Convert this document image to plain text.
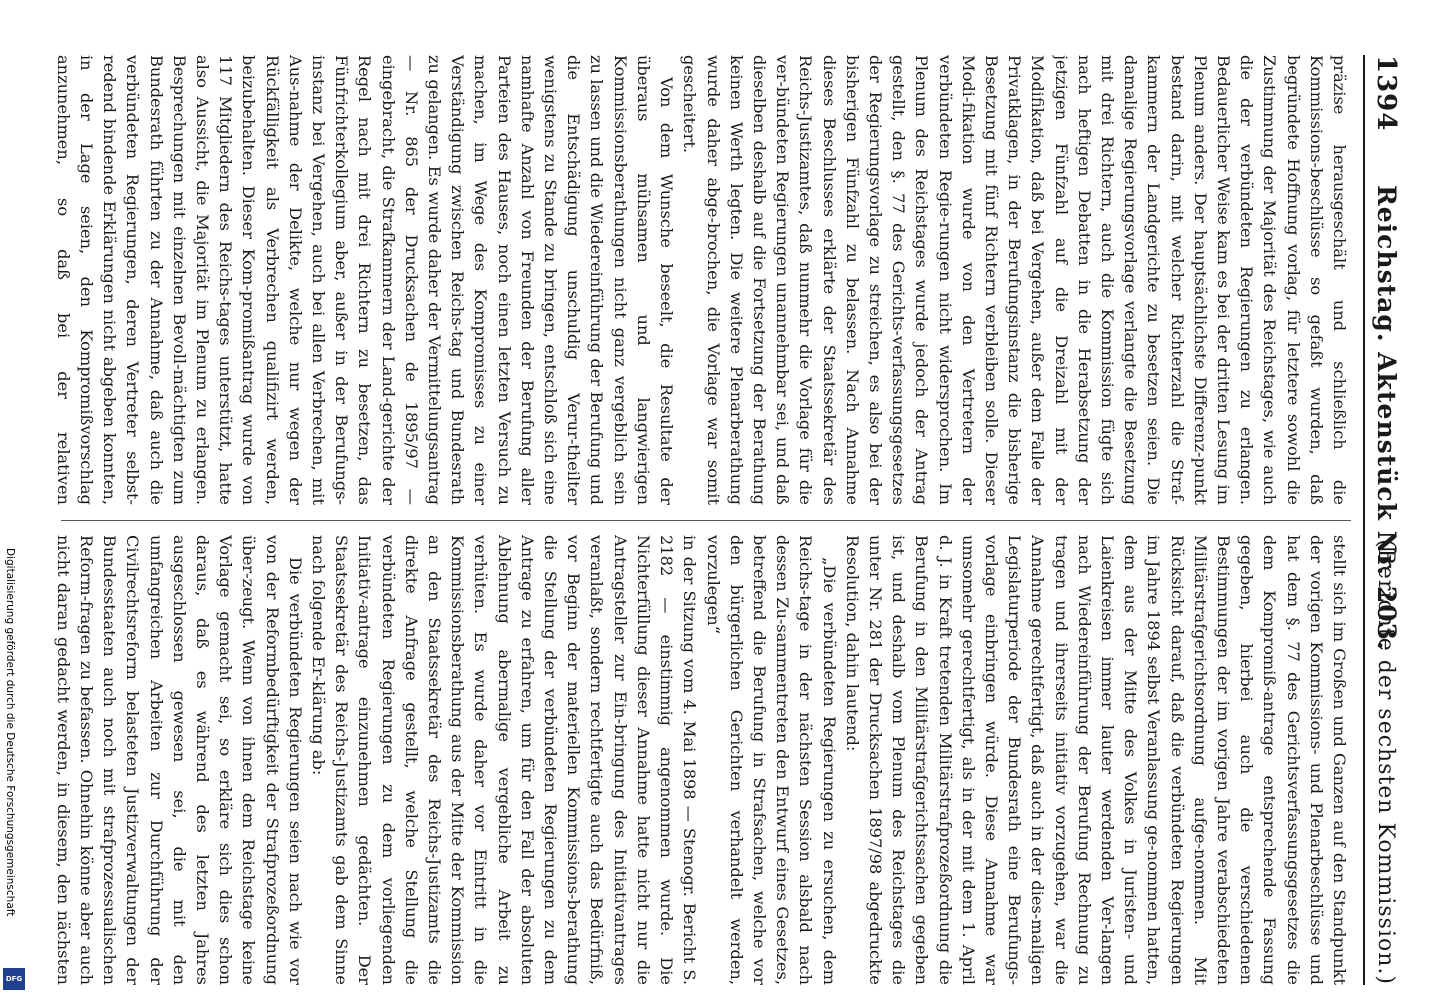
1394
Reichstag. Aktenstück Nr. 203.
(Berichte der sechsten Kommission.)

präzise herausgeschält und schließlich die Kommissions-beschlüsse so gefaßt wurden, daß begründete Hoffnung vorlag, für letztere sowohl die Zustimmung der Majorität des Reichstages, wie auch die der verbündeten Regierungen zu erlangen. Bedauerlicher Weise kam es bei der dritten Lesung im Plenum anders. Der hauptsächlichste Differenz-punkt bestand darin, mit welcher Richterzahl die Straf-kammern der Landgerichte zu besetzen seien. Die damalige Regierungsvorlage verlangte die Besetzung mit drei Richtern, auch die Kommission fügte sich nach heftigen Debatten in die Herabsetzung der jetzigen Fünfzahl auf die Dreizahl mit der Modifikation, daß bei Vergehen, außer dem Falle der Privatklagen, in der Berufungsinstanz die bisherige Besetzung mit fünf Richtern verbleiben solle. Dieser Modi-fikation wurde von den Vertretern der verbündeten Regie-rungen nicht widersprochen. Im Plenum des Reichstages wurde jedoch der Antrag gestellt, den §. 77 des Gerichts-verfassungsgesetzes der Regierungsvorlage zu streichen, es also bei der bisherigen Fünfzahl zu belassen. Nach Annahme dieses Beschlusses erklärte der Staatssekretär des Reichs-Justizamtes, daß nunmehr die Vorlage für die ver-bündeten Regierungen unannehmbar sei, und daß dieselben deshalb auf die Fortsetzung der Berathung keinen Werth legten. Die weitere Plenarberathung wurde daher abge-brochen, die Vorlage war somit gescheitert.

Von dem Wunsche beseelt, die Resultate der überaus mühsamen und langwierigen Kommissionsberathungen nicht ganz vergeblich sein zu lassen und die Wiedereinführung der Berufung und die Entschädigung unschuldig Verur-theilter wenigstens zu Stande zu bringen, entschloß sich eine namhafte Anzahl von Freunden der Berufung aller Parteien des Hauses, noch einen letzten Versuch zu machen, im Wege des Kompromisses zu einer Verständigung zwischen Reichs-tag und Bundesrath zu gelangen. Es wurde daher der Vermittelungsantrag — Nr. 865 der Drucksachen de 1895/97 — eingebracht, die Strafkammern der Land-gerichte der Regel nach mit drei Richtern zu besetzen, das Fünfrichterkollegium aber, außer in der Berufungs-instanz bei Vergehen, auch bei allen Verbrechen, mit Aus-nahme der Delikte, welche nur wegen der Rückfälligkeit als Verbrechen qualifizirt werden, beizubehalten. Dieser Kom-promißantrag wurde von 117 Mitgliedern des Reichs-tages unterstützt, hatte also Aussicht, die Majorität im Plenum zu erlangen. Besprechungen mit einzelnen Bevoll-mächtigten zum Bundesrath führten zu der Annahme, daß auch die verbündeten Regierungen, deren Vertreter selbst-redend bindende Erklärungen nicht abgeben konnten, in der Lage seien, den Kompromißvorschlag anzunehmen, so daß bei der relativen

stellt sich im Großen und Ganzen auf den Standpunkt der vorigen Kommissions- und Plenarbeschlüsse und hat dem §. 77 des Gerichtsverfassungsgesetzes die dem Kompromiß-antrage entsprechende Fassung gegeben, hierbei auch die verschiedenen Bestimmungen der im vorigen Jahre verabschiedeten Militärstrafgerichtsordnung aufge-nommen. Mit Rücksicht darauf, daß die verbündeten Regierungen im Jahre 1894 selbst Veranlassung ge-nommen hatten, dem aus der Mitte des Volkes in Juristen- und Laienkreisen immer lauter werdenden Ver-langen nach Wiedereinführung der Berufung Rechnung zu tragen und ihrerseits initiativ vorzugehen, war die Annahme gerechtfertigt, daß auch in der dies-maligen Legislaturperiode der Bundesrath eine Berufungs-vorlage einbringen würde. Diese Annahme war umsomehr gerechtfertigt, als in der mit dem 1. April d. J. in Kraft tretenden Militärstrafprozeßordnung die Berufung in den Militärstrafgerichtssachen gegeben ist, und deshalb vom Plenum des Reichstages die unter Nr. 281 der Drucksachen 1897/98 abgedruckte Resolution, dahin lautend:

„Die verbündeten Regierungen zu ersuchen, dem Reichs-tage in der nächsten Session alsbald nach dessen Zu-sammentreten den Entwurf eines Gesetzes, betreffend die Berufung in Strafsachen, welche vor den bürgerlichen Gerichten verhandelt werden, vorzulegen“

in der Sitzung vom 4. Mai 1898 — Stenogr. Bericht S. 2182 — einstimmig angenommen wurde. Die Nichterfüllung dieser Annahme hatte nicht nur die Antragsteller zur Ein-bringung des Initiativantrages veranlaßt, sondern rechtfertigte auch das Bedürfniß, vor Beginn der materiellen Kommissions-berathung die Stellung der verbündeten Regierungen zu dem Antrage zu erfahren, um für den Fall der absoluten Ablehnung abermalige vergebliche Arbeit zu verhüten. Es wurde daher vor Eintritt in die Kommissionsberathung aus der Mitte der Kommission an den Staatssekretär des Reichs-Justizamts die direkte Anfrage gestellt, welche Stellung die verbündeten Regierungen zu dem vorliegenden Initiativ-antrage einzunehmen gedächten. Der Staatssekretär des Reichs-Justizamts gab dem Sinne nach folgende Er-klärung ab:

Die verbündeten Regierungen seien nach wie vor von der Reformbedürftigkeit der Strafprozeßordnung über-zeugt. Wenn von ihnen dem Reichstage keine Vorlage gemacht sei, so erkläre sich dies schon daraus, daß es während des letzten Jahres ausgeschlossen gewesen sei, die mit den umfangreichen Arbeiten zur Durchführung der Civilrechtsreform belasteten Justizverwaltungen der Bundesstaaten auch noch mit strafprozessualischen Reform-fragen zu befassen. Ohnehin könne aber auch nicht daran gedacht werden, in diesem, den nächsten

Digitalisierung gefördert durch die Deutsche Forschungsgemeinschaft
DFG
